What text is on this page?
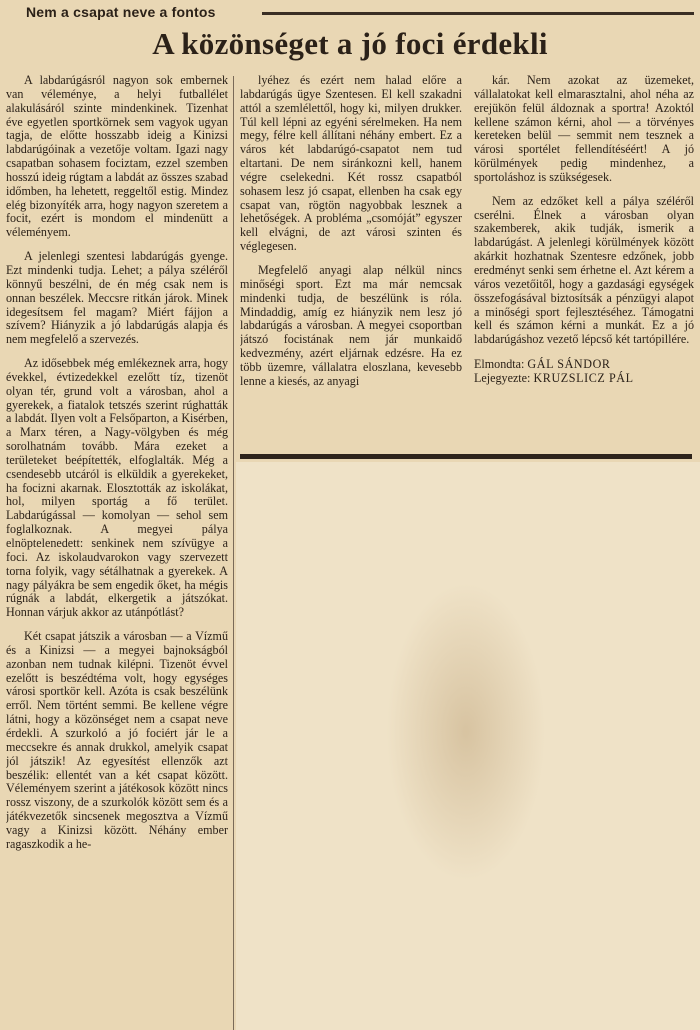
Nem a csapat neve a fontos
A közönséget a jó foci érdekli

A labdarúgásról nagyon sok embernek van véleménye, a helyi futballélet alakulásáról szinte mindenkinek. Tizenhat éve egyetlen sportkörnek sem vagyok ugyan tagja, de előtte hosszabb ideig a Kinizsi labdarúgóinak a vezetője voltam. Igazi nagy csapatban sohasem fociztam, ezzel szemben hosszú ideig rúgtam a labdát az összes szabad időmben, ha lehetett, reggeltől estig. Mindez elég bizonyíték arra, hogy nagyon szeretem a focit, ezért is mondom el mindenütt a véleményem.

A jelenlegi szentesi labdarúgás gyenge. Ezt mindenki tudja. Lehet; a pálya széléről könnyű beszélni, de én még csak nem is onnan beszélek. Meccsre ritkán járok. Minek idegesítsem fel magam? Miért fájjon a szívem? Hiányzik a jó labdarúgás alapja és nem megfelelő a szervezés.

Az idősebbek még emlékeznek arra, hogy évekkel, évtizedekkel ezelőtt tíz, tizenöt olyan tér, grund volt a városban, ahol a gyerekek, a fiatalok tetszés szerint rúghatták a labdát. Ilyen volt a Felsőparton, a Kisérben, a Marx téren, a Nagy-völgyben és még sorolhatnám tovább. Mára ezeket a területeket beépítették, elfoglalták. Még a csendesebb utcáról is elküldik a gyerekeket, ha focizni akarnak. Elosztották az iskolákat, hol, milyen sportág a fő terület. Labdarúgással — komolyan — sehol sem foglalkoznak. A megyei pálya elnöptelenedett: senkinek nem szívügye a foci. Az iskolaudvarokon vagy szervezett torna folyik, vagy sétálhatnak a gyerekek. A nagy pályákra be sem engedik őket, ha mégis rúgnák a labdát, elkergetik a játszókat. Honnan várjuk akkor az utánpótlást?

Két csapat játszik a városban — a Vízmű és a Kinizsi — a megyei bajnokságból azonban nem tudnak kilépni. Tizenöt évvel ezelőtt is beszédtéma volt, hogy egységes városi sportkör kell. Azóta is csak beszélünk erről. Nem történt semmi. Be kellene végre látni, hogy a közönséget nem a csapat neve érdekli. A szurkoló a jó fociért jár le a meccsekre és annak drukkol, amelyik csapat jól játszik! Az egyesítést ellenzők azt beszélik: ellentét van a két csapat között. Véleményem szerint a játékosok között nincs rossz viszony, de a szurkolók között sem és a játékvezetők sincsenek megosztva a Vízmű vagy a Kinizsi között. Néhány ember ragaszkodik a he-

lyéhez és ezért nem halad előre a labdarúgás ügye Szentesen. El kell szakadni attól a szemlélettől, hogy ki, milyen drukker. Túl kell lépni az egyéni sérelmeken. Ha nem megy, félre kell állítani néhány embert. Ez a város két labdarúgó-csapatot nem tud eltartani. De nem siránkozni kell, hanem végre cselekedni. Két rossz csapatból sohasem lesz jó csapat, ellenben ha csak egy csapat van, rögtön nagyobbak lesznek a lehetőségek. A probléma „csomóját” egyszer kell elvágni, de azt városi szinten és véglegesen.

Megfelelő anyagi alap nélkül nincs minőségi sport. Ezt ma már nemcsak mindenki tudja, de beszélünk is róla. Mindaddig, amíg ez hiányzik nem lesz jó labdarúgás a városban. A megyei csoportban játszó focistának nem jár munkaidő kedvezmény, azért eljárnak edzésre. Ha ez több üzemre, vállalatra eloszlana, kevesebb lenne a kiesés, az anyagi

kár. Nem azokat az üzemeket, vállalatokat kell elmarasztalni, ahol néha az erejükön felül áldoznak a sportra! Azoktól kellene számon kérni, ahol — a törvényes kereteken belül — semmit nem tesznek a városi sportélet fellendítéséért! A jó körülmények pedig mindenhez, a sportoláshoz is szükségesek.

Nem az edzőket kell a pálya széléről cserélni. Élnek a városban olyan szakemberek, akik tudják, ismerik a labdarúgást. A jelenlegi körülmények között akárkit hozhatnak Szentesre edzőnek, jobb eredményt senki sem érhetne el. Azt kérem a város vezetőitől, hogy a gazdasági egységek összefogásával biztosítsák a pénzügyi alapot a minőségi sport fejlesztéséhez. Támogatni kell és számon kérni a munkát. Ez a jó labdarúgáshoz vezető lépcső két tartópillére.

Elmondta: GÁL SÁNDOR
Lejegyezte: KRUZSLICZ PÁL
